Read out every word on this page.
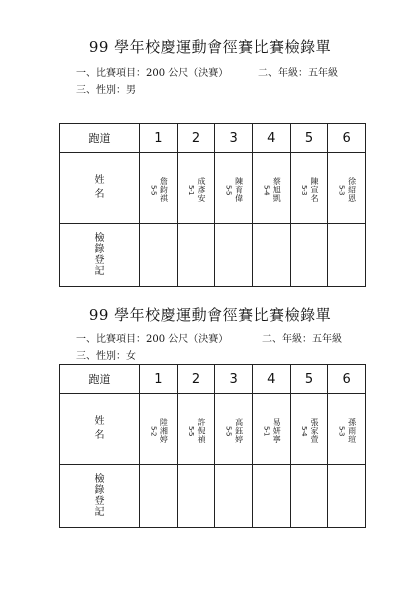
99 學年校慶運動會徑賽比賽檢錄單
一、比賽項目：200 公尺（決賽）	二、年級：五年級
三、性別：男
跑道	1	2	3	4	5	6

姓
名	5-5 詹鈞祺	5-1 成彥安	5-5 陳育偉	5-4 蔡旭凱	5-3 陳宣名	5-3 徐紹恩

檢
錄
登
記						

99 學年校慶運動會徑賽比賽檢錄單
一、比賽項目：200 公尺（決賽）	二、年級：五年級
三、性別：女
跑道	1	2	3	4	5	6

姓
名	5-2 陸湘婷	5-5 許倪禎	5-5 高鈺婷	5-1 易妍寧	5-4 張家萱	5-3 孫雨瑄

檢
錄
登
記						
